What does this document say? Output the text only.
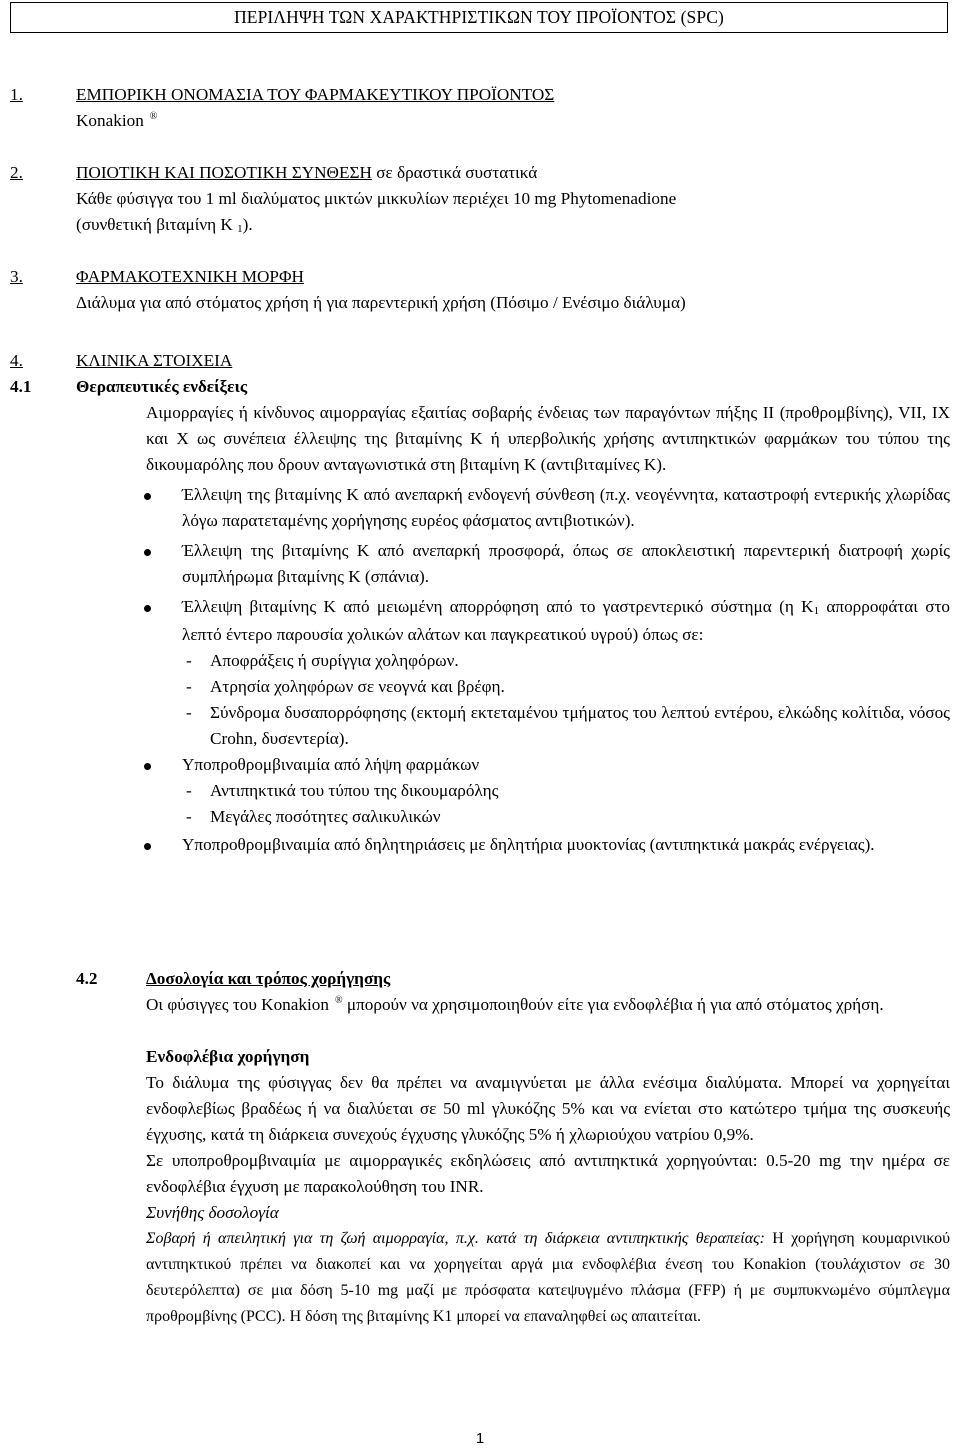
ΠΕΡΙΛΗΨΗ ΤΩΝ ΧΑΡΑΚΤΗΡΙΣΤΙΚΩΝ ΤΟΥ ΠΡΟΪΟΝΤΟΣ (SPC)
1.	ΕΜΠΟΡΙΚΗ ΟΝΟΜΑΣΙΑ ΤΟΥ ΦΑΡΜΑΚΕΥΤΙΚΟΥ ΠΡΟΪΟΝΤΟΣ
Konakion ®
2.	ΠΟΙΟΤΙΚΗ ΚΑΙ ΠΟΣΟΤΙΚΗ ΣΥΝΘΕΣΗ σε δραστικά συστατικά
Κάθε φύσιγγα του 1 ml διαλύματος μικτών μικκυλίων περιέχει 10 mg Phytomenadione
(συνθετική βιταμίνη K $_1$).
3.	ΦΑΡΜΑΚΟΤΕΧΝΙΚΗ ΜΟΡΦΗ
Διάλυμα για από στόματος χρήση ή για παρεντερική χρήση (Πόσιμο / Ενέσιμο διάλυμα)
4.	ΚΛΙΝΙΚΑ ΣΤΟΙΧΕΙΑ
4.1	Θεραπευτικές ενδείξεις
Αιμορραγίες ή κίνδυνος αιμορραγίας εξαιτίας σοβαρής ένδειας των παραγόντων πήξης II (προθρομβίνης), VII, IX και X ως συνέπεια έλλειψης της βιταμίνης K ή υπερβολικής χρήσης αντιπηκτικών φαρμάκων του τύπου της δικουμαρόλης που δρουν ανταγωνιστικά στη βιταμίνη K (αντιβιταμίνες K).
Έλλειψη της βιταμίνης K από ανεπαρκή ενδογενή σύνθεση (π.χ. νεογέννητα, καταστροφή εντερικής χλωρίδας λόγω παρατεταμένης χορήγησης ευρέος φάσματος αντιβιοτικών).
Έλλειψη της βιταμίνης K από ανεπαρκή προσφορά, όπως σε αποκλειστική παρεντερική διατροφή χωρίς συμπλήρωμα βιταμίνης K (σπάνια).
Έλλειψη βιταμίνης K από μειωμένη απορρόφηση από το γαστρεντερικό σύστημα (η $K_1$ απορροφάται στο λεπτό έντερο παρουσία χολικών αλάτων και παγκρεατικού υγρού) όπως σε:
- Αποφράξεις ή συρίγγια χοληφόρων.
- Ατρησία χοληφόρων σε νεογνά και βρέφη.
- Σύνδρομα δυσαπορρόφησης (εκτομή εκτεταμένου τμήματος του λεπτού εντέρου, ελκώδης κολίτιδα, νόσος Crohn, δυσεντερία).
Υποπροθρομβιναιμία από λήψη φαρμάκων
- Αντιπηκτικά του τύπου της δικουμαρόλης
- Μεγάλες ποσότητες σαλικυλικών
Υποπροθρομβιναιμία από δηλητηριάσεις με δηλητήρια μυοκτονίας (αντιπηκτικά μακράς ενέργειας).
4.2	Δοσολογία και τρόπος χορήγησης
Οι φύσιγγες του Konakion ® μπορούν να χρησιμοποιηθούν είτε για ενδοφλέβια ή για από στόματος χρήση.
Ενδοφλέβια χορήγηση
Το διάλυμα της φύσιγγας δεν θα πρέπει να αναμιγνύεται με άλλα ενέσιμα διαλύματα. Μπορεί να χορηγείται ενδοφλεβίως βραδέως ή να διαλύεται σε 50 ml γλυκόζης 5% και να ενίεται στο κατώτερο τμήμα της συσκευής έγχυσης, κατά τη διάρκεια συνεχούς έγχυσης γλυκόζης 5% ή χλωριούχου νατρίου 0,9%.
Σε υποπροθρομβιναιμία με αιμορραγικές εκδηλώσεις από αντιπηκτικά χορηγούνται: 0.5-20 mg την ημέρα σε ενδοφλέβια έγχυση με παρακολούθηση του INR.
Συνήθης δοσολογία
Σοβαρή ή απειλητική για τη ζωή αιμορραγία, π.χ. κατά τη διάρκεια αντιπηκτικής θεραπείας: Η χορήγηση κουμαρινικού αντιπηκτικού πρέπει να διακοπεί και να χορηγείται αργά μια ενδοφλέβια ένεση του Konakion (τουλάχιστον σε 30 δευτερόλεπτα) σε μια δόση 5-10 mg μαζί με πρόσφατα κατεψυγμένο πλάσμα (FFP) ή με συμπυκνωμένο σύμπλεγμα προθρομβίνης (PCC). Η δόση της βιταμίνης K1 μπορεί να επαναληφθεί ως απαιτείται.
1
